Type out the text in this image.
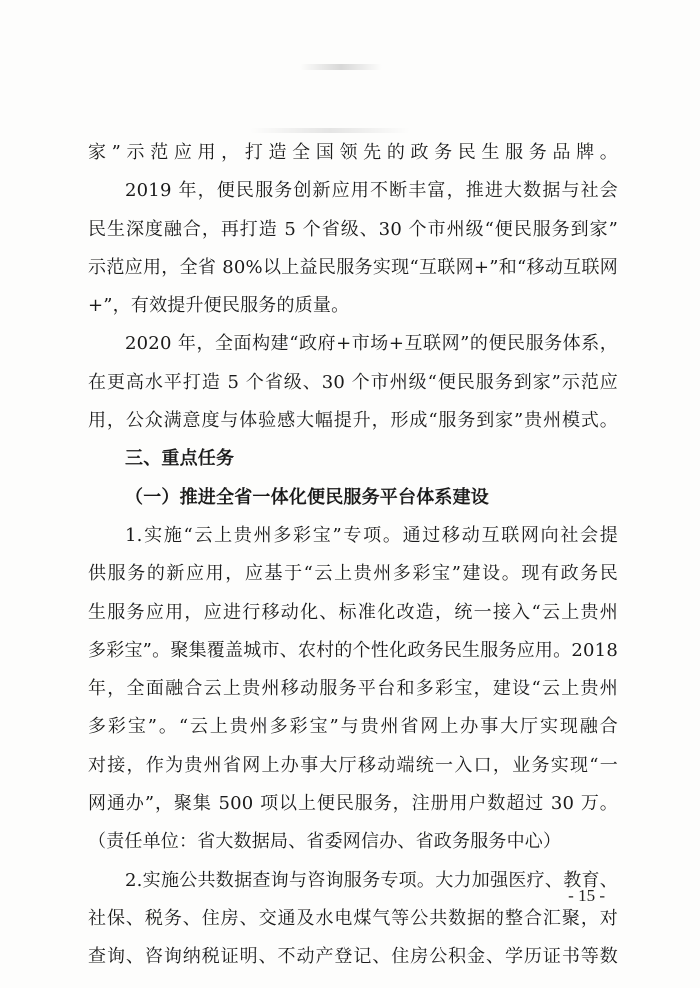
家”示范应用，打造全国领先的政务民生服务品牌。
2019 年，便民服务创新应用不断丰富，推进大数据与社会
民生深度融合，再打造 5 个省级、30 个市州级“便民服务到家”
示范应用，全省 80%以上益民服务实现“互联网+”和“移动互联网
+”，有效提升便民服务的质量。
2020 年，全面构建“政府+市场+互联网”的便民服务体系，
在更高水平打造 5 个省级、30 个市州级“便民服务到家”示范应
用，公众满意度与体验感大幅提升，形成“服务到家”贵州模式。
三、重点任务
（一）推进全省一体化便民服务平台体系建设
1.实施“云上贵州多彩宝”专项。通过移动互联网向社会提
供服务的新应用，应基于“云上贵州多彩宝”建设。现有政务民
生服务应用，应进行移动化、标准化改造，统一接入“云上贵州
多彩宝”。聚集覆盖城市、农村的个性化政务民生服务应用。2018
年，全面融合云上贵州移动服务平台和多彩宝，建设“云上贵州
多彩宝”。“云上贵州多彩宝”与贵州省网上办事大厅实现融合
对接，作为贵州省网上办事大厅移动端统一入口，业务实现“一
网通办”，聚集 500 项以上便民服务，注册用户数超过 30 万。
（责任单位：省大数据局、省委网信办、省政务服务中心）
2.实施公共数据查询与咨询服务专项。大力加强医疗、教育、
社保、税务、住房、交通及水电煤气等公共数据的整合汇聚，对
查询、咨询纳税证明、不动产登记、住房公积金、学历证书等数
- 15 -
